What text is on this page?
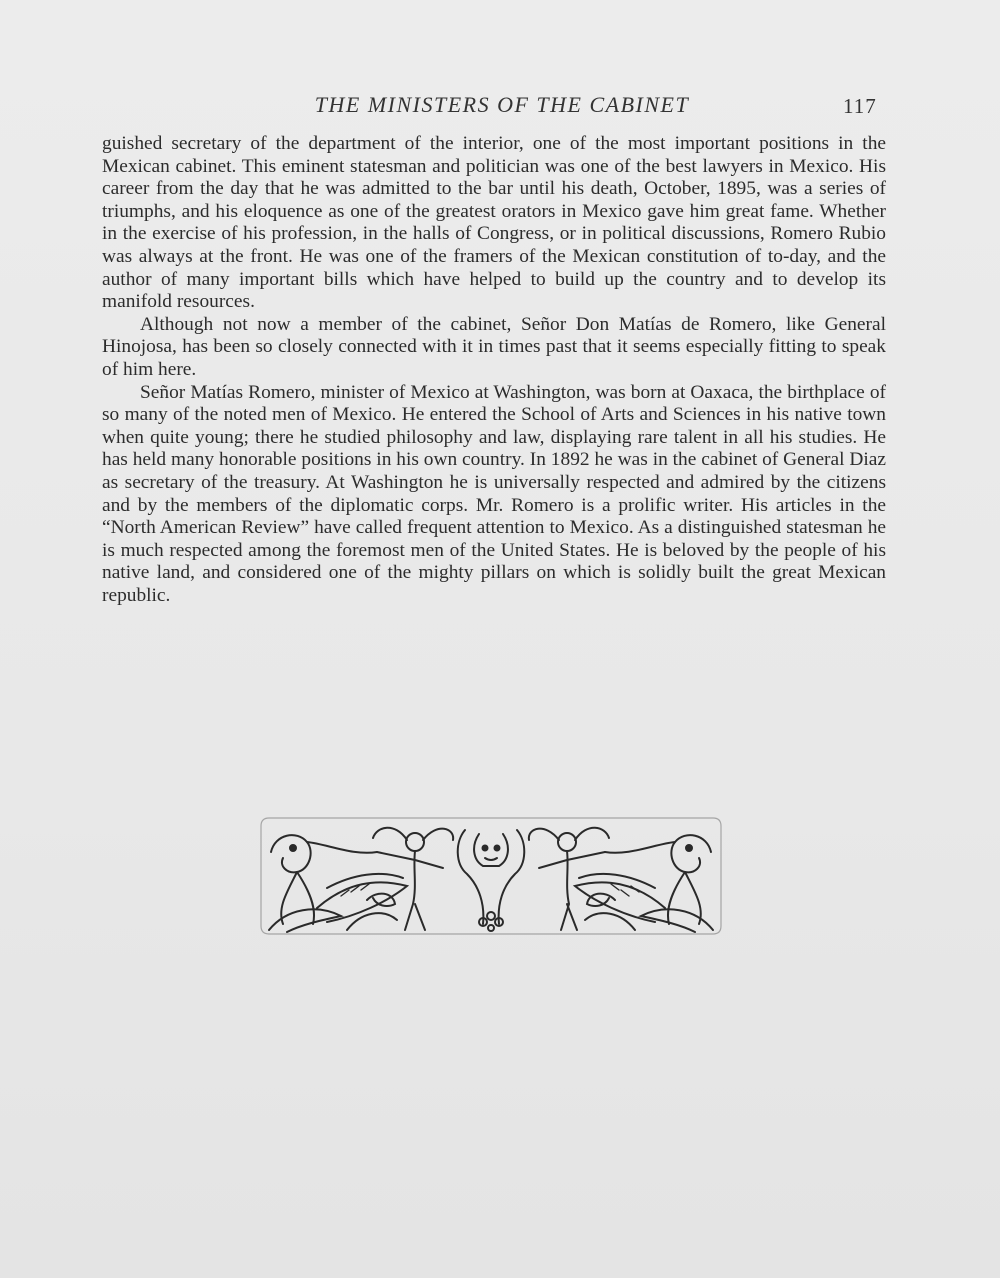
THE MINISTERS OF THE CABINET	117

guished secretary of the department of the interior, one of the most important positions in the Mexican cabinet. This eminent statesman and politician was one of the best lawyers in Mexico. His career from the day that he was admitted to the bar until his death, October, 1895, was a series of triumphs, and his eloquence as one of the greatest orators in Mexico gave him great fame. Whether in the exercise of his profession, in the halls of Congress, or in political discussions, Romero Rubio was always at the front. He was one of the framers of the Mexican constitution of to-day, and the author of many important bills which have helped to build up the country and to develop its manifold resources.

Although not now a member of the cabinet, Señor Don Matías de Romero, like General Hinojosa, has been so closely connected with it in times past that it seems especially fitting to speak of him here.

Señor Matías Romero, minister of Mexico at Washington, was born at Oaxaca, the birthplace of so many of the noted men of Mexico. He entered the School of Arts and Sciences in his native town when quite young; there he studied philosophy and law, displaying rare talent in all his studies. He has held many honorable positions in his own country. In 1892 he was in the cabinet of General Diaz as secretary of the treasury. At Washington he is universally respected and admired by the citizens and by the members of the diplomatic corps. Mr. Romero is a prolific writer. His articles in the “North American Review” have called frequent attention to Mexico. As a distinguished statesman he is much respected among the foremost men of the United States. He is beloved by the people of his native land, and considered one of the mighty pillars on which is solidly built the great Mexican republic.
